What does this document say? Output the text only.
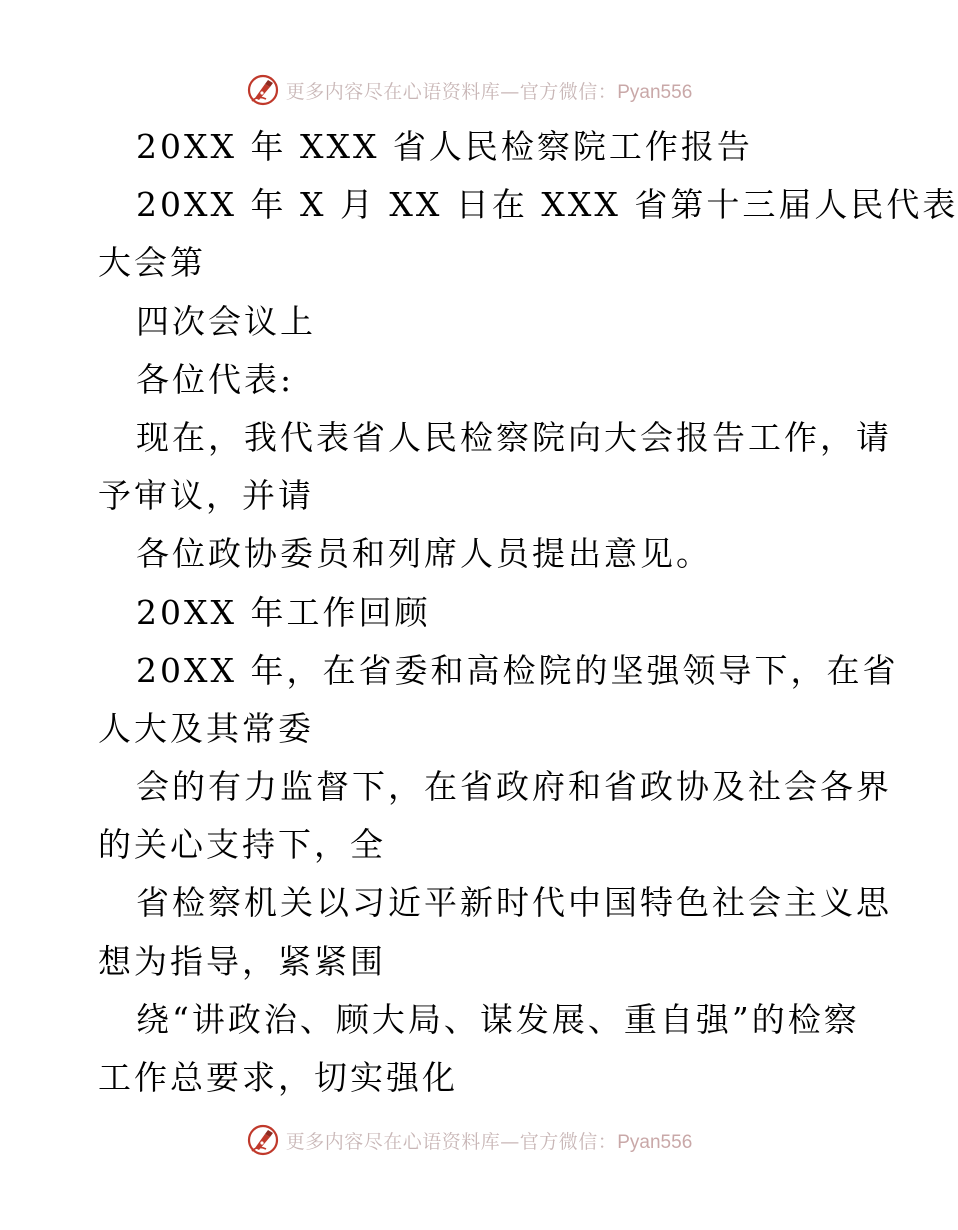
更多内容尽在心语资料库—官方微信：Pyan556
20XX 年 XXX 省人民检察院工作报告
20XX 年 X 月 XX 日在 XXX 省第十三届人民代表
大会第
四次会议上
各位代表:
现在，我代表省人民检察院向大会报告工作，请
予审议，并请
各位政协委员和列席人员提出意见。
20XX 年工作回顾
20XX 年，在省委和高检院的坚强领导下，在省
人大及其常委
会的有力监督下，在省政府和省政协及社会各界
的关心支持下，全
省检察机关以习近平新时代中国特色社会主义思
想为指导，紧紧围
绕“讲政治、顾大局、谋发展、重自强”的检察
工作总要求，切实强化
更多内容尽在心语资料库—官方微信：Pyan556
